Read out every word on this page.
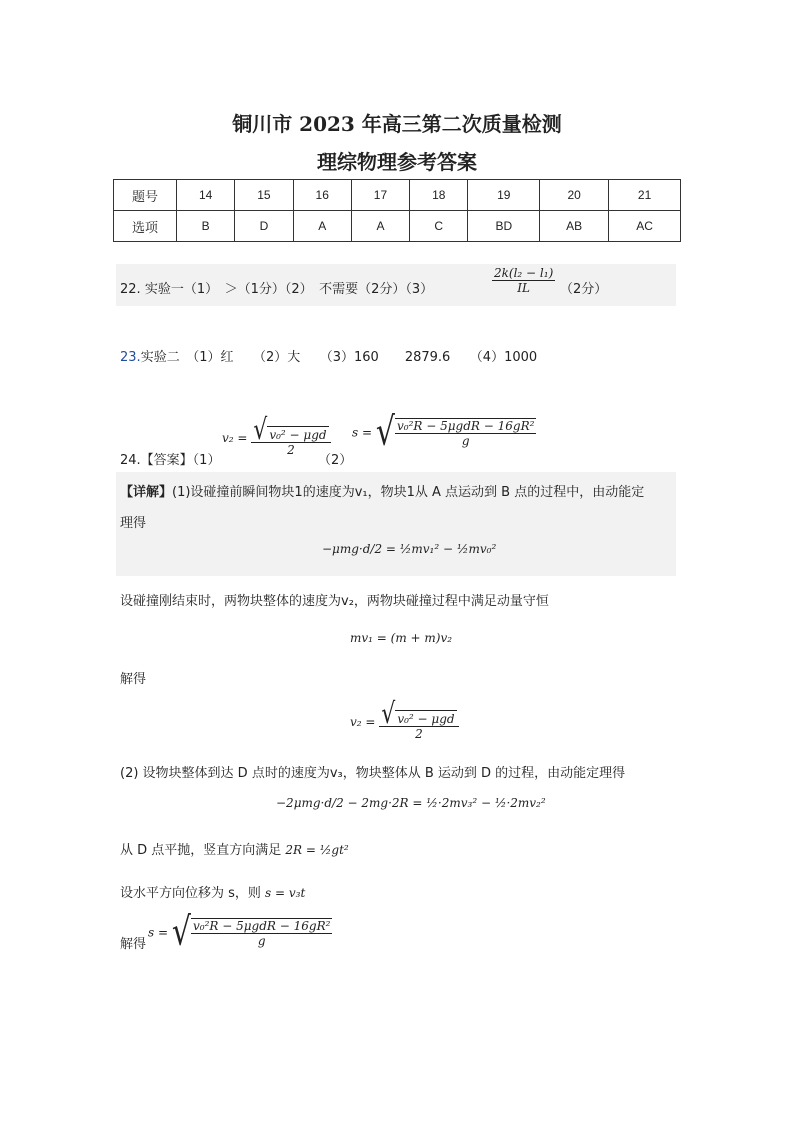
铜川市 2023 年高三第二次质量检测
理综物理参考答案
题号	14	15	16	17	18	19	20	21
选项	B	D	A	A	C	BD	AB	AC
22. 实验一（1）　＞（1分）（2）　不需要（2分）（3）	$\frac{\text{2k(l₂ − l₁)}}{IL} (2$分）
23.实验二　（1）红　　（2）大　　（3）160　　2879.6　　（4）1000
24.【答案】（1）
$v_2 = \frac{\text{√ v₀² − μgd}}{2}$
（2）
s = √ $\frac{\text{v₀²R − 5μgdR − 16gR²}}{g}$
【详解】(1)设碰撞前瞬间物块1的速度为v₁，物块1从 A 点运动到 B 点的过程中，由动能定
理得
−μmg·d/2 = ½mv₁² − ½mv₀²
设碰撞刚结束时，两物块整体的速度为v₂，两物块碰撞过程中满足动量守恒
mv₁ = (m + m)v₂
解得
$v_2 = \frac{\text{√ v₀² − μgd}}{2}$
(2) 设物块整体到达 D 点时的速度为v₃，物块整体从 B 运动到 D 的过程，由动能定理得
−2μmg·d/2 − 2mg·2R = ½·2mv₃² − ½·2mv₂²
从 D 点平抛，竖直方向满足 2R = ½gt²
设水平方向位移为 s，则 s = v₃t
解得
s = √ $\frac{\text{v₀²R − 5μgdR − 16gR²}}{g}$
